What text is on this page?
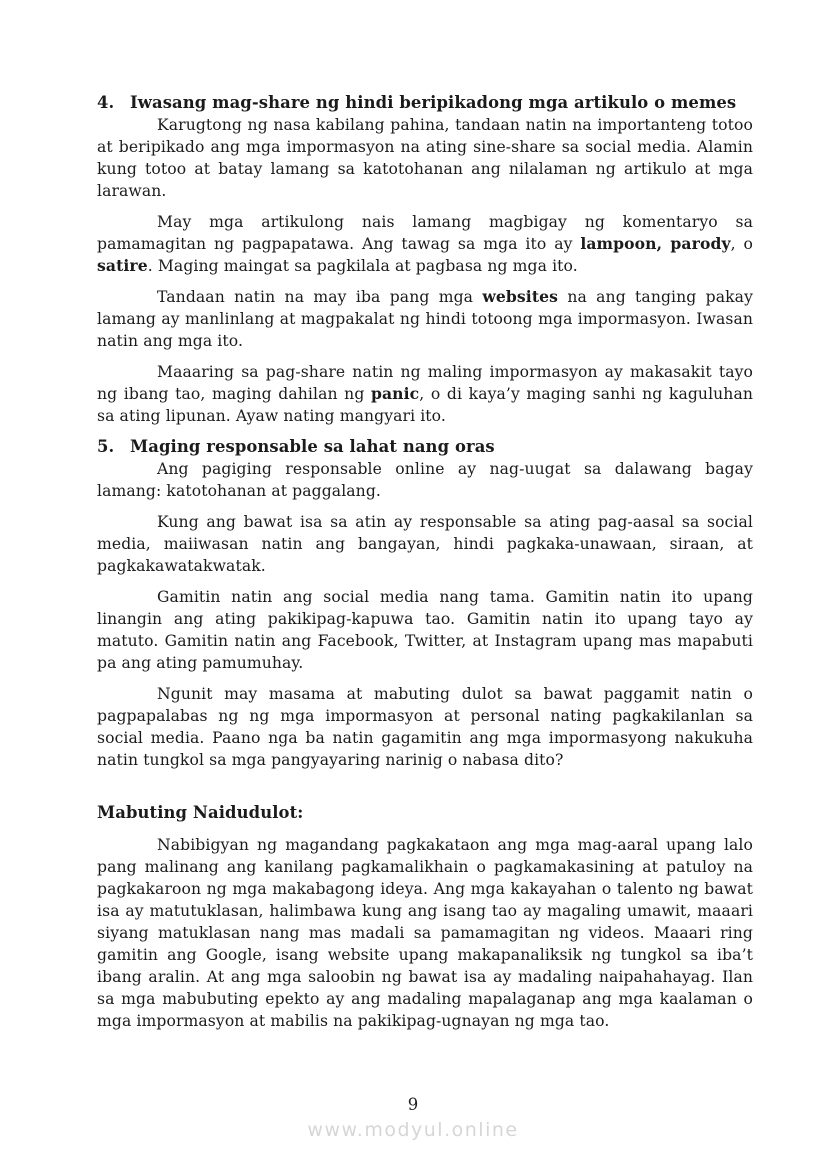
4. Iwasang mag-share ng hindi beripikadong mga artikulo o memes

Karugtong ng nasa kabilang pahina, tandaan natin na importanteng totoo at beripikado ang mga impormasyon na ating sine-share sa social media. Alamin kung totoo at batay lamang sa katotohanan ang nilalaman ng artikulo at mga larawan.

May mga artikulong nais lamang magbigay ng komentaryo sa pamamagitan ng pagpapatawa. Ang tawag sa mga ito ay lampoon, parody, o satire. Maging maingat sa pagkilala at pagbasa ng mga ito.

Tandaan natin na may iba pang mga websites na ang tanging pakay lamang ay manlinlang at magpakalat ng hindi totoong mga impormasyon. Iwasan natin ang mga ito.

Maaaring sa pag-share natin ng maling impormasyon ay makasakit tayo ng ibang tao, maging dahilan ng panic, o di kaya’y maging sanhi ng kaguluhan sa ating lipunan. Ayaw nating mangyari ito.

5. Maging responsable sa lahat nang oras

Ang pagiging responsable online ay nag-uugat sa dalawang bagay lamang: katotohanan at paggalang.

Kung ang bawat isa sa atin ay responsable sa ating pag-aasal sa social media, maiiwasan natin ang bangayan, hindi pagkaka-unawaan, siraan, at pagkakawatakwatak.

Gamitin natin ang social media nang tama. Gamitin natin ito upang linangin ang ating pakikipag-kapuwa tao. Gamitin natin ito upang tayo ay matuto. Gamitin natin ang Facebook, Twitter, at Instagram upang mas mapabuti pa ang ating pamumuhay.

Ngunit may masama at mabuting dulot sa bawat paggamit natin o pagpapalabas ng ng mga impormasyon at personal nating pagkakilanlan sa social media. Paano nga ba natin gagamitin ang mga impormasyong nakukuha natin tungkol sa mga pangyayaring narinig o nabasa dito?

Mabuting Naidudulot:

Nabibigyan ng magandang pagkakataon ang mga mag-aaral upang lalo pang malinang ang kanilang pagkamalikhain o pagkamakasining at patuloy na pagkakaroon ng mga makabagong ideya. Ang mga kakayahan o talento ng bawat isa ay matutuklasan, halimbawa kung ang isang tao ay magaling umawit, maaari siyang matuklasan nang mas madali sa pamamagitan ng videos. Maaari ring gamitin ang Google, isang website upang makapanaliksik ng tungkol sa iba’t ibang aralin. At ang mga saloobin ng bawat isa ay madaling naipahahayag. Ilan sa mga mabubuting epekto ay ang madaling mapalaganap ang mga kaalaman o mga impormasyon at mabilis na pakikipag-ugnayan ng mga tao.

9
www.modyul.online
